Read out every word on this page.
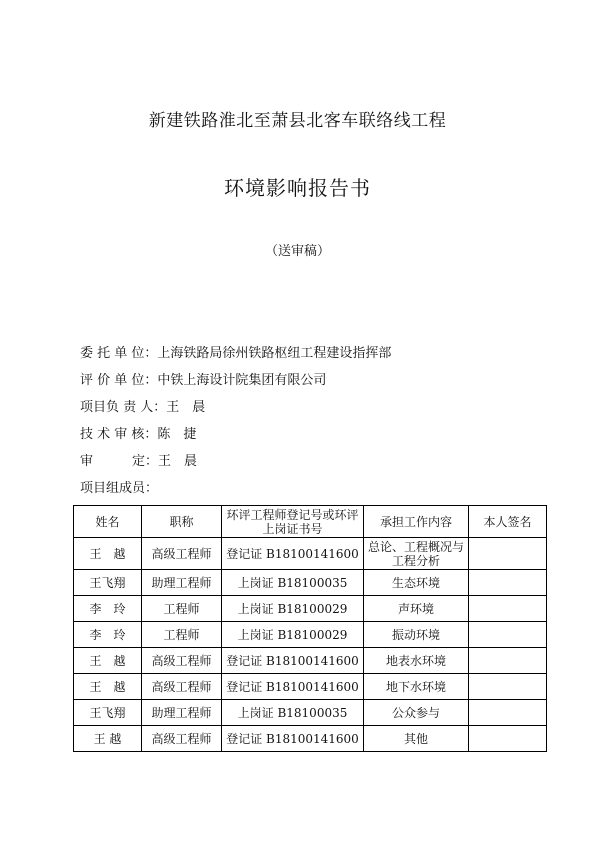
新建铁路淮北至萧县北客车联络线工程
环境影响报告书
（送审稿）
委 托 单 位：上海铁路局徐州铁路枢纽工程建设指挥部
评 价 单 位：中铁上海设计院集团有限公司
项目负 责 人：王　晨
技 术 审 核：陈　捷
审　　　定：王　晨
项目组成员：
姓名	职称	环评工程师登记号或环评上岗证书号	承担工作内容	本人签名
王　越	高级工程师	登记证 B18100141600	总论、工程概况与工程分析	
王飞翔	助理工程师	上岗证 B18100035	生态环境	
李　玲	工程师	上岗证 B18100029	声环境	
李　玲	工程师	上岗证 B18100029	振动环境	
王　越	高级工程师	登记证 B18100141600	地表水环境	
王　越	高级工程师	登记证 B18100141600	地下水环境	
王飞翔	助理工程师	上岗证 B18100035	公众参与	
王 越	高级工程师	登记证 B18100141600	其他	
